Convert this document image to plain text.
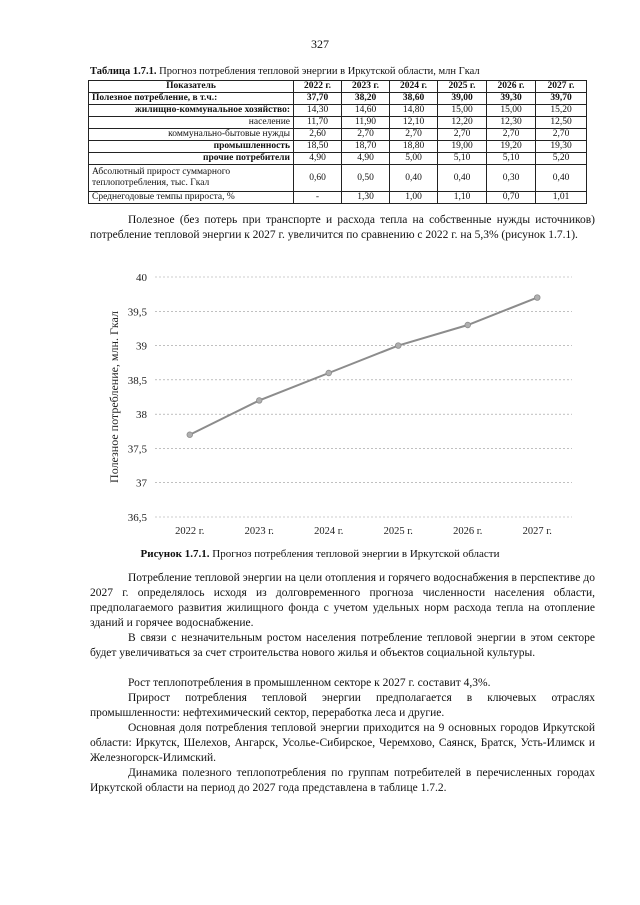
327
Таблица 1.7.1. Прогноз потребления тепловой энергии в Иркутской области, млн Гкал
Показатель	2022 г.	2023 г.	2024 г.	2025 г.	2026 г.	2027 г.
Полезное потребление, в т.ч.:	37,70	38,20	38,60	39,00	39,30	39,70
жилищно-коммунальное хозяйство:	14,30	14,60	14,80	15,00	15,00	15,20
население	11,70	11,90	12,10	12,20	12,30	12,50
коммунально-бытовые нужды	2,60	2,70	2,70	2,70	2,70	2,70
промышленность	18,50	18,70	18,80	19,00	19,20	19,30
прочие потребители	4,90	4,90	5,00	5,10	5,10	5,20
Абсолютный прирост суммарного теплопотребления, тыс. Гкал	0,60	0,50	0,40	0,40	0,30	0,40
Среднегодовые темпы прироста, %	-	1,30	1,00	1,10	0,70	1,01
Полезное (без потерь при транспорте и расхода тепла на собственные нужды источников) потребление тепловой энергии к 2027 г. увеличится по сравнению с 2022 г. на 5,3% (рисунок 1.7.1).
36,5
37
37,5
38
38,5
39
39,5
40
2022 г.	2023 г.	2024 г.	2025 г.	2026 г.	2027 г.
Полезное потребление, млн. Гкал
Рисунок 1.7.1. Прогноз потребления тепловой энергии в Иркутской области
Потребление тепловой энергии на цели отопления и горячего водоснабжения в перспективе до 2027 г. определялось исходя из долговременного прогноза численности населения области, предполагаемого развития жилищного фонда с учетом удельных норм расхода тепла на отопление зданий и горячее водоснабжение.
В связи с незначительным ростом населения потребление тепловой энергии в этом секторе будет увеличиваться за счет строительства нового жилья и объектов социальной культуры.
Рост теплопотребления в промышленном секторе к 2027 г. составит 4,3%.
Прирост потребления тепловой энергии предполагается в ключевых отраслях промышленности: нефтехимический сектор, переработка леса и другие.
Основная доля потребления тепловой энергии приходится на 9 основных городов Иркутской области: Иркутск, Шелехов, Ангарск, Усолье-Сибирское, Черемхово, Саянск, Братск, Усть-Илимск и Железногорск-Илимский.
Динамика полезного теплопотребления по группам потребителей в перечисленных городах Иркутской области на период до 2027 года представлена в таблице 1.7.2.
